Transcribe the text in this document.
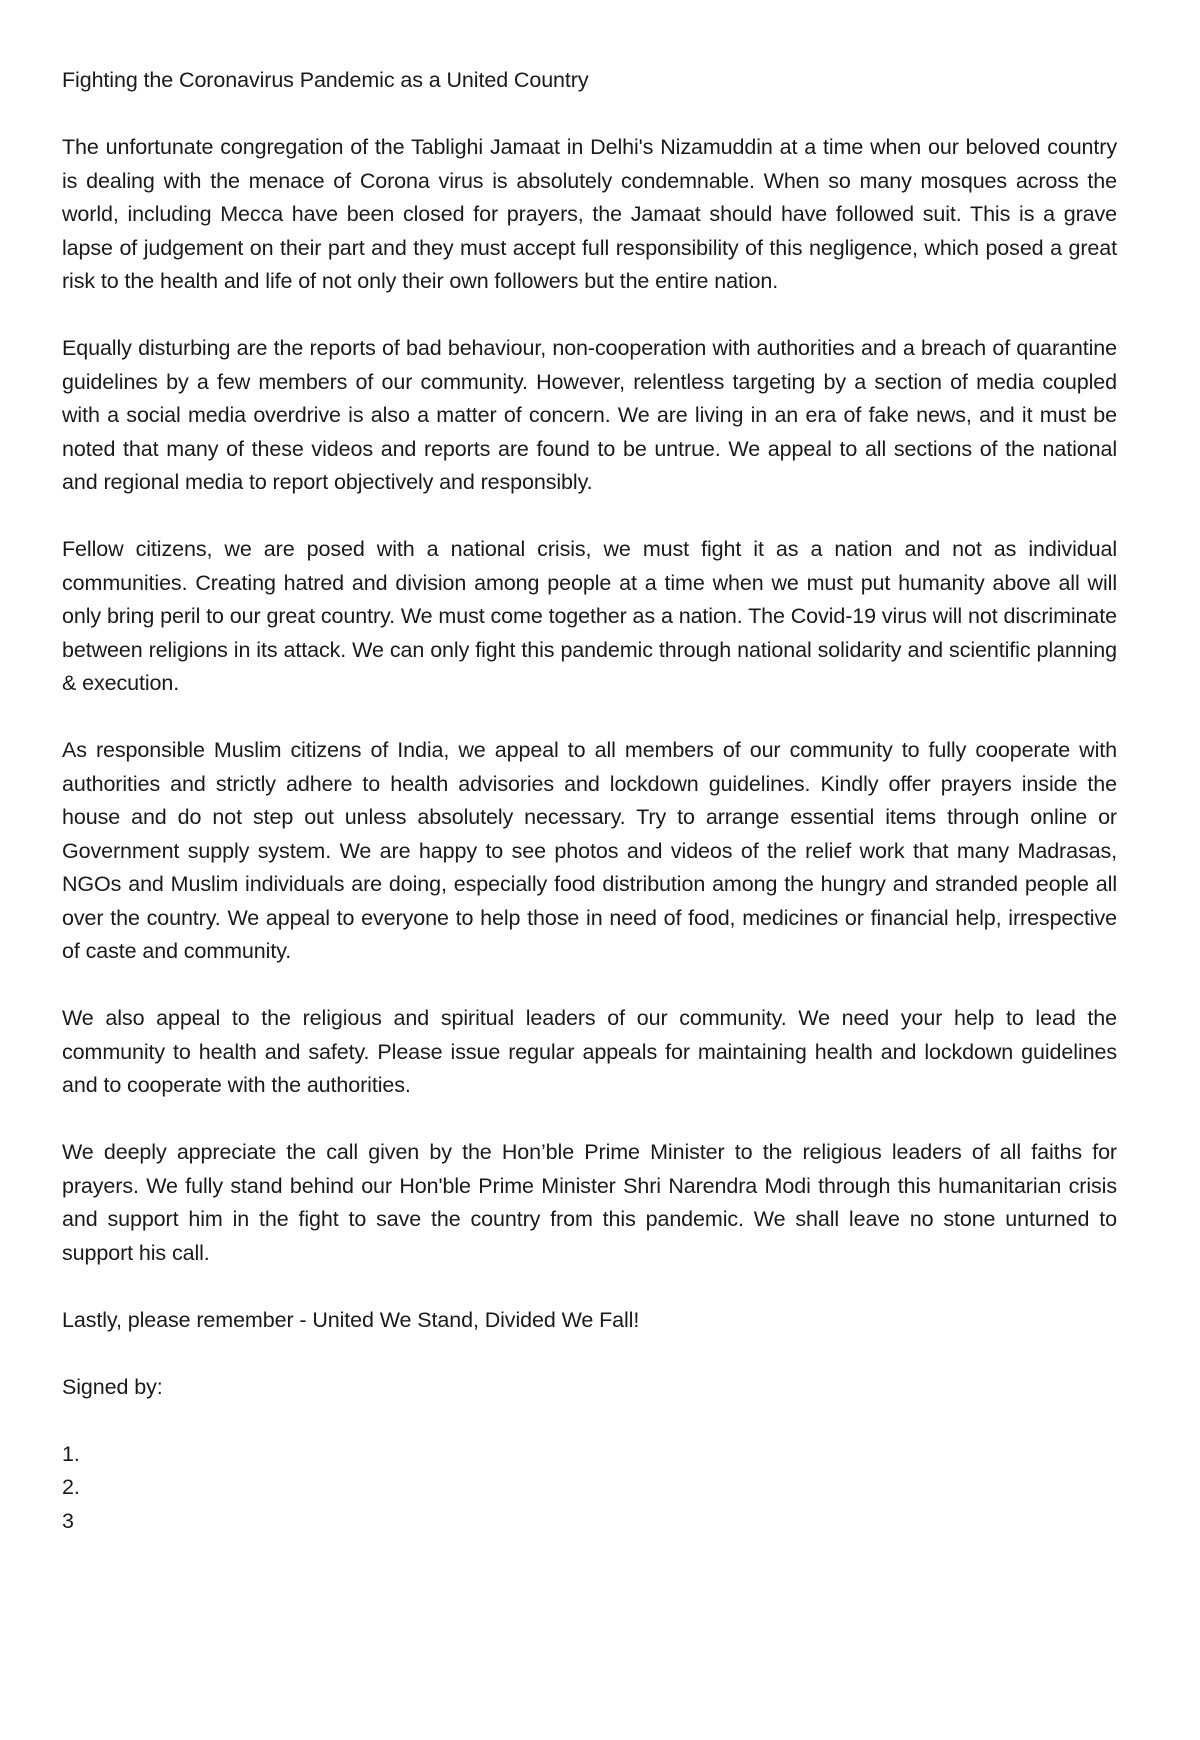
Fighting the Coronavirus Pandemic as a United Country

The unfortunate congregation of the Tablighi Jamaat in Delhi's Nizamuddin at a time when our beloved country is dealing with the menace of Corona virus is absolutely condemnable. When so many mosques across the world, including Mecca have been closed for prayers, the Jamaat should have followed suit. This is a grave lapse of judgement on their part and they must accept full responsibility of this negligence, which posed a great risk to the health and life of not only their own followers but the entire nation.

Equally disturbing are the reports of bad behaviour, non-cooperation with authorities and a breach of quarantine guidelines by a few members of our community. However, relentless targeting by a section of media coupled with a social media overdrive is also a matter of concern. We are living in an era of fake news, and it must be noted that many of these videos and reports are found to be untrue. We appeal to all sections of the national and regional media to report objectively and responsibly.

Fellow citizens, we are posed with a national crisis, we must fight it as a nation and not as individual communities. Creating hatred and division among people at a time when we must put humanity above all will only bring peril to our great country. We must come together as a nation. The Covid-19 virus will not discriminate between religions in its attack. We can only fight this pandemic through national solidarity and scientific planning & execution.

As responsible Muslim citizens of India, we appeal to all members of our community to fully cooperate with authorities and strictly adhere to health advisories and lockdown guidelines. Kindly offer prayers inside the house and do not step out unless absolutely necessary. Try to arrange essential items through online or Government supply system. We are happy to see photos and videos of the relief work that many Madrasas, NGOs and Muslim individuals are doing, especially food distribution among the hungry and stranded people all over the country. We appeal to everyone to help those in need of food, medicines or financial help, irrespective of caste and community.

We also appeal to the religious and spiritual leaders of our community. We need your help to lead the community to health and safety. Please issue regular appeals for maintaining health and lockdown guidelines and to cooperate with the authorities.

We deeply appreciate the call given by the Hon’ble Prime Minister to the religious leaders of all faiths for prayers. We fully stand behind our Hon'ble Prime Minister Shri Narendra Modi through this humanitarian crisis and support him in the fight to save the country from this pandemic. We shall leave no stone unturned to support his call.

Lastly, please remember - United We Stand, Divided We Fall!

Signed by:

1.
2.
3
